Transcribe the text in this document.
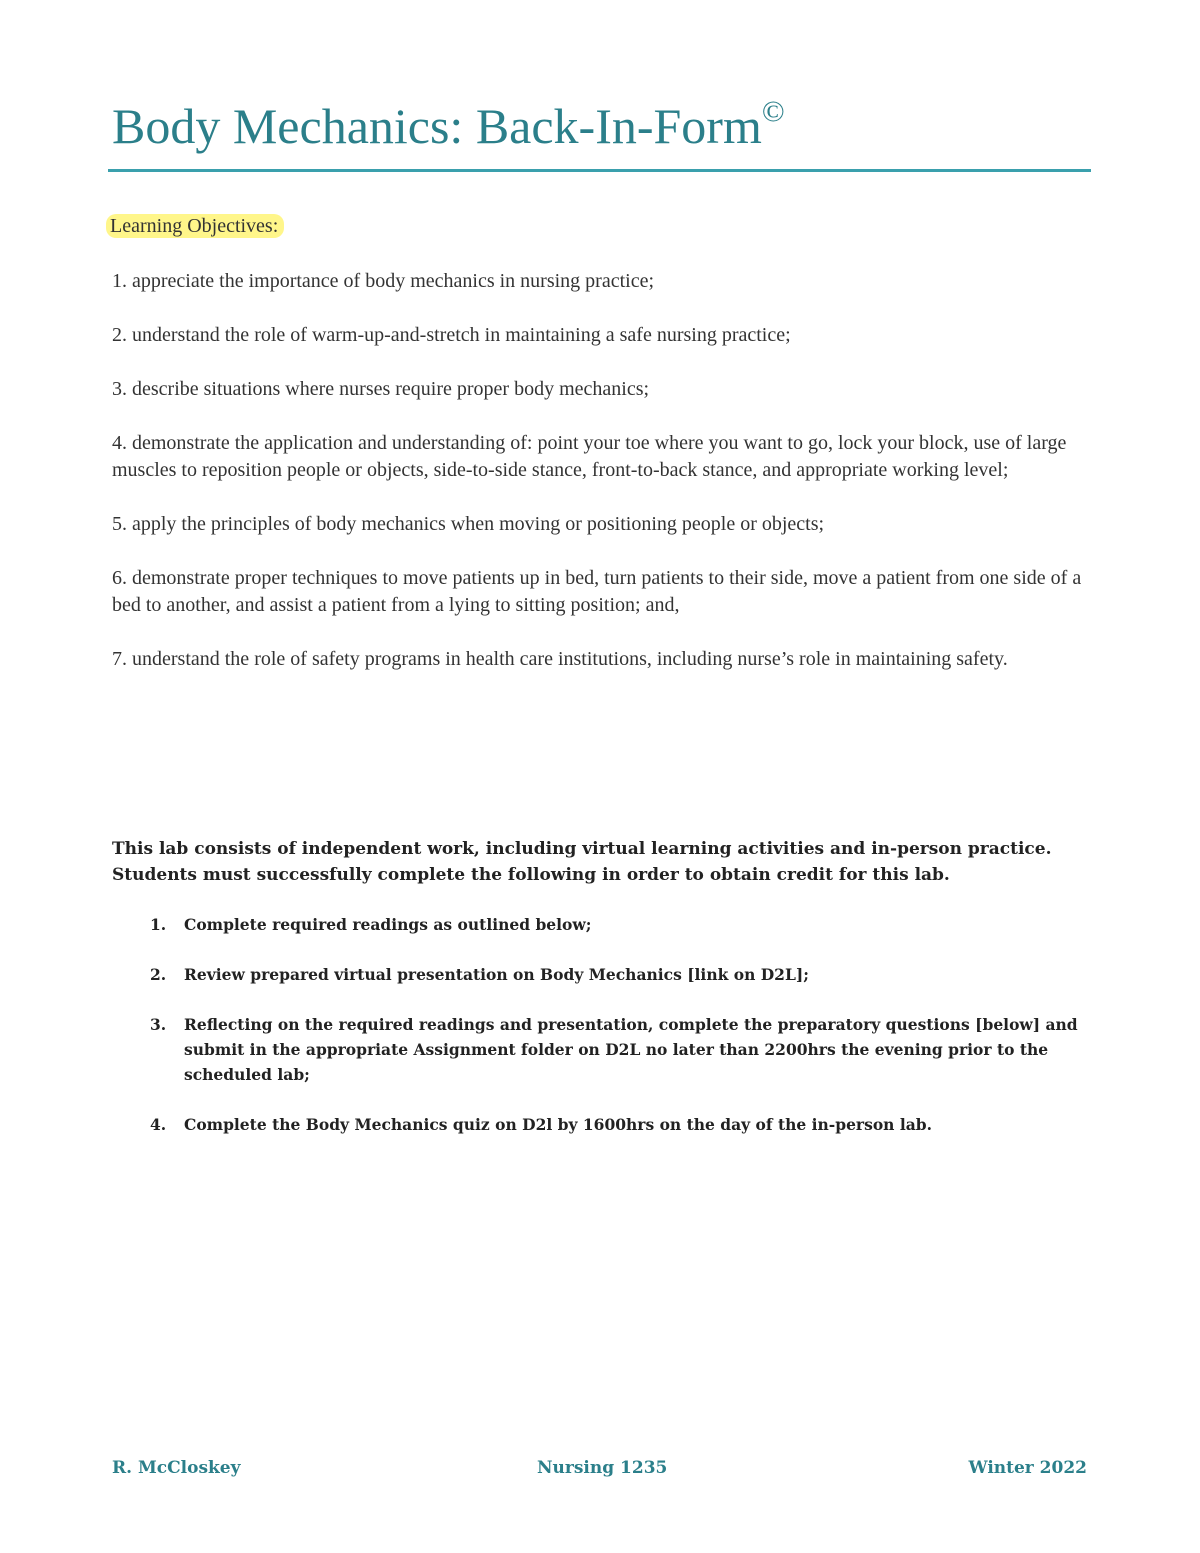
Body Mechanics: Back-In-Form©
Learning Objectives:
1. appreciate the importance of body mechanics in nursing practice;
2. understand the role of warm-up-and-stretch in maintaining a safe nursing practice;
3. describe situations where nurses require proper body mechanics;
4. demonstrate the application and understanding of: point your toe where you want to go, lock your block, use of large muscles to reposition people or objects, side-to-side stance, front-to-back stance, and appropriate working level;
5. apply the principles of body mechanics when moving or positioning people or objects;
6. demonstrate proper techniques to move patients up in bed, turn patients to their side, move a patient from one side of a bed to another, and assist a patient from a lying to sitting position; and,
7. understand the role of safety programs in health care institutions, including nurse’s role in maintaining safety.
This lab consists of independent work, including virtual learning activities and in-person practice. Students must successfully complete the following in order to obtain credit for this lab.
1.	Complete required readings as outlined below;
2.	Review prepared virtual presentation on Body Mechanics [link on D2L];
3.	Reflecting on the required readings and presentation, complete the preparatory questions [below] and submit in the appropriate Assignment folder on D2L no later than 2200hrs the evening prior to the scheduled lab;
4.	Complete the Body Mechanics quiz on D2l by 1600hrs on the day of the in-person lab.
R. McCloskey	Nursing 1235	Winter 2022
